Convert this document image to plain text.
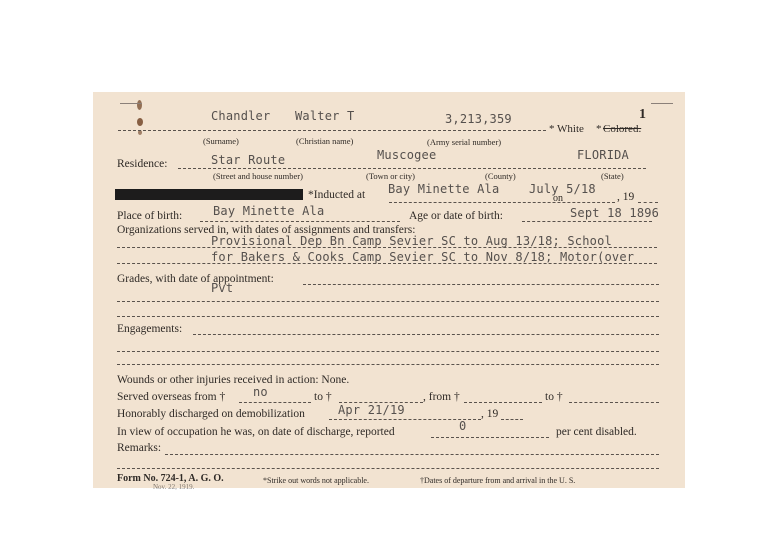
1
Chandler Walter T	3,213,359
* White * Colored.
(Surname)	(Christian name)	(Army serial number)
Residence:	Star Route	Muscogee	FLORIDA
(Street and house number)	(Town or city)	(County)	(State)
*Inducted at Bay Minette Ala July 5/18
on	, 19
Place of birth:	Bay Minette Ala	Age or date of birth:	Sept 18 1896
Organizations served in, with dates of assignments and transfers:
Provisional Dep Bn Camp Sevier SC to Aug 13/18; School
for Bakers & Cooks Camp Sevier SC to Nov 8/18; Motor(over
Grades, with date of appointment:
Pvt
Engagements:
Wounds or other injuries received in action: None.
Served overseas from † no	to †	, from †	to †
Honorably discharged on demobilization	Apr 21/19	, 19
In view of occupation he was, on date of discharge, reported	0	per cent disabled.
Remarks:
Form No. 724-1, A. G. O.
Nov. 22, 1919.
*Strike out words not applicable.	†Dates of departure from and arrival in the U. S.
